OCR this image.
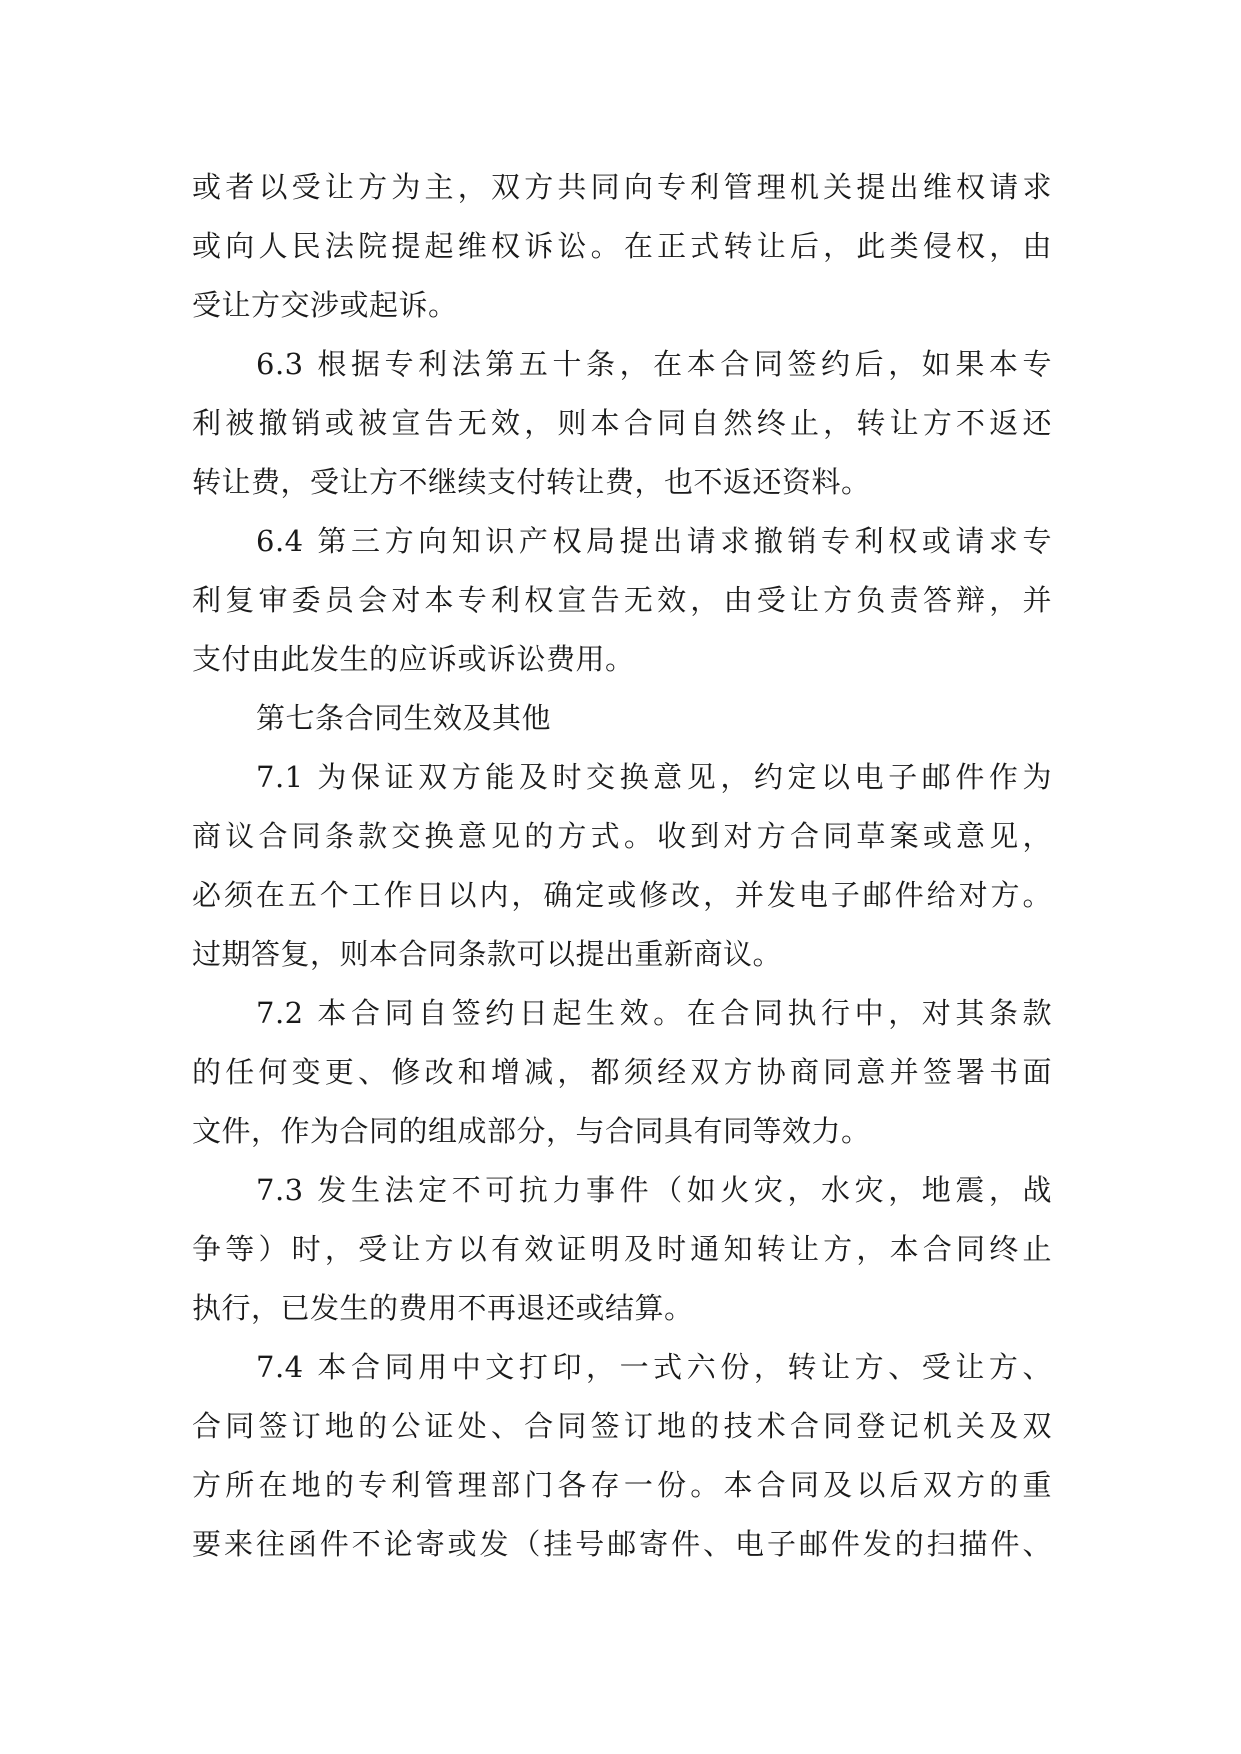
或者以受让方为主，双方共同向专利管理机关提出维权请求
或向人民法院提起维权诉讼。在正式转让后，此类侵权，由
受让方交涉或起诉。
6.3 根据专利法第五十条，在本合同签约后，如果本专
利被撤销或被宣告无效，则本合同自然终止，转让方不返还
转让费，受让方不继续支付转让费，也不返还资料。
6.4 第三方向知识产权局提出请求撤销专利权或请求专
利复审委员会对本专利权宣告无效，由受让方负责答辩，并
支付由此发生的应诉或诉讼费用。
第七条合同生效及其他
7.1 为保证双方能及时交换意见，约定以电子邮件作为
商议合同条款交换意见的方式。收到对方合同草案或意见，
必须在五个工作日以内，确定或修改，并发电子邮件给对方。
过期答复，则本合同条款可以提出重新商议。
7.2 本合同自签约日起生效。在合同执行中，对其条款
的任何变更、修改和增减，都须经双方协商同意并签署书面
文件，作为合同的组成部分，与合同具有同等效力。
7.3 发生法定不可抗力事件（如火灾，水灾，地震，战
争等）时，受让方以有效证明及时通知转让方，本合同终止
执行，已发生的费用不再退还或结算。
7.4 本合同用中文打印，一式六份，转让方、受让方、
合同签订地的公证处、合同签订地的技术合同登记机关及双
方所在地的专利管理部门各存一份。本合同及以后双方的重
要来往函件不论寄或发（挂号邮寄件、电子邮件发的扫描件、
